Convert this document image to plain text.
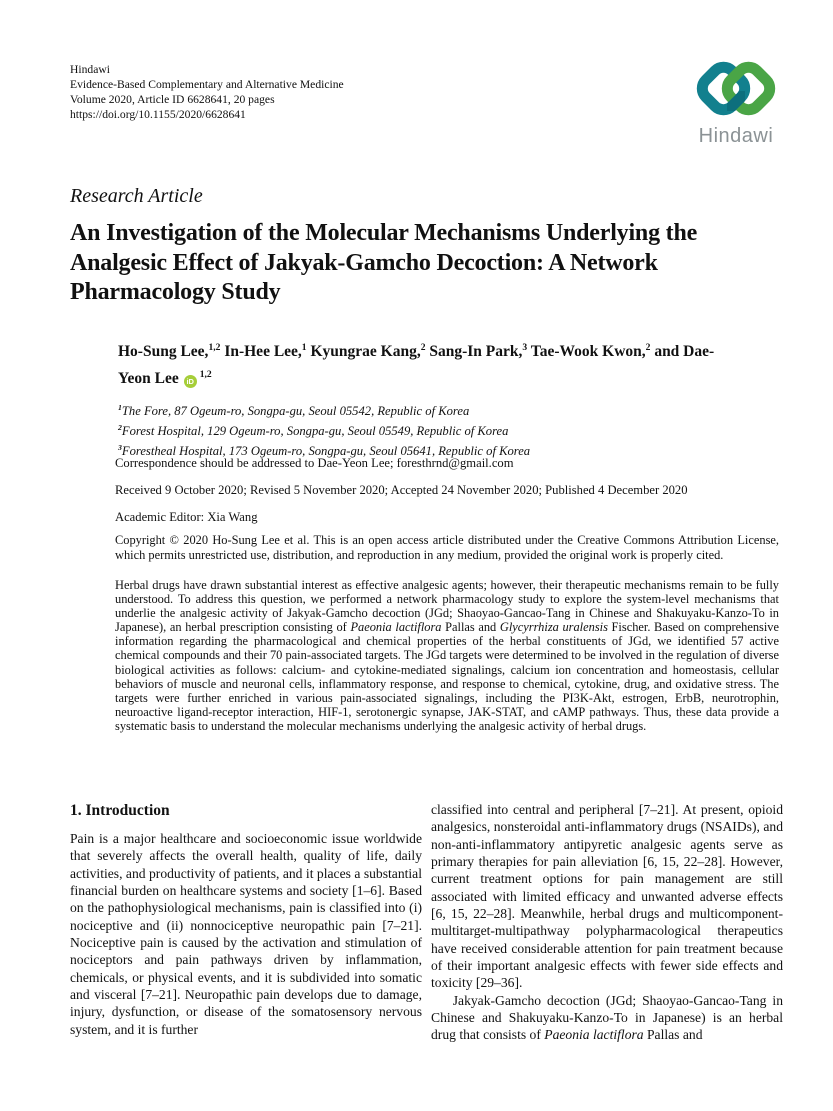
Hindawi
Evidence-Based Complementary and Alternative Medicine
Volume 2020, Article ID 6628641, 20 pages
https://doi.org/10.1155/2020/6628641
Hindawi
Research Article
An Investigation of the Molecular Mechanisms Underlying the Analgesic Effect of Jakyak-Gamcho Decoction: A Network Pharmacology Study
Ho-Sung Lee,$^{1,2}$ In-Hee Lee,$^1$ Kyungrae Kang,$^2$ Sang-In Park,$^3$ Tae-Wook Kwon,$^2$ and Dae-Yeon Lee iD$^{1,2}$
$^1$The Fore, 87 Ogeum-ro, Songpa-gu, Seoul 05542, Republic of Korea
$^2$Forest Hospital, 129 Ogeum-ro, Songpa-gu, Seoul 05549, Republic of Korea
$^3$Forestheal Hospital, 173 Ogeum-ro, Songpa-gu, Seoul 05641, Republic of Korea
Correspondence should be addressed to Dae-Yeon Lee; foresthrnd@gmail.com
Received 9 October 2020; Revised 5 November 2020; Accepted 24 November 2020; Published 4 December 2020
Academic Editor: Xia Wang
Copyright © 2020 Ho-Sung Lee et al. This is an open access article distributed under the Creative Commons Attribution License, which permits unrestricted use, distribution, and reproduction in any medium, provided the original work is properly cited.
Herbal drugs have drawn substantial interest as effective analgesic agents; however, their therapeutic mechanisms remain to be fully understood. To address this question, we performed a network pharmacology study to explore the system-level mechanisms that underlie the analgesic activity of Jakyak-Gamcho decoction (JGd; Shaoyao-Gancao-Tang in Chinese and Shakuyaku-Kanzo-To in Japanese), an herbal prescription consisting of Paeonia lactiflora Pallas and Glycyrrhiza uralensis Fischer. Based on comprehensive information regarding the pharmacological and chemical properties of the herbal constituents of JGd, we identified 57 active chemical compounds and their 70 pain-associated targets. The JGd targets were determined to be involved in the regulation of diverse biological activities as follows: calcium- and cytokine-mediated signalings, calcium ion concentration and homeostasis, cellular behaviors of muscle and neuronal cells, inflammatory response, and response to chemical, cytokine, drug, and oxidative stress. The targets were further enriched in various pain-associated signalings, including the PI3K-Akt, estrogen, ErbB, neurotrophin, neuroactive ligand-receptor interaction, HIF-1, serotonergic synapse, JAK-STAT, and cAMP pathways. Thus, these data provide a systematic basis to understand the molecular mechanisms underlying the analgesic activity of herbal drugs.
1. Introduction

Pain is a major healthcare and socioeconomic issue worldwide that severely affects the overall health, quality of life, daily activities, and productivity of patients, and it places a substantial financial burden on healthcare systems and society [1–6]. Based on the pathophysiological mechanisms, pain is classified into (i) nociceptive and (ii) nonnociceptive neuropathic pain [7–21]. Nociceptive pain is caused by the activation and stimulation of nociceptors and pain pathways driven by inflammation, chemicals, or physical events, and it is subdivided into somatic and visceral [7–21]. Neuropathic pain develops due to damage, injury, dysfunction, or disease of the somatosensory nervous system, and it is further

classified into central and peripheral [7–21]. At present, opioid analgesics, nonsteroidal anti-inflammatory drugs (NSAIDs), and non-anti-inflammatory antipyretic analgesic agents serve as primary therapies for pain alleviation [6, 15, 22–28]. However, current treatment options for pain management are still associated with limited efficacy and unwanted adverse effects [6, 15, 22–28]. Meanwhile, herbal drugs and multicomponent-multitarget-multipathway polypharmacological therapeutics have received considerable attention for pain treatment because of their important analgesic effects with fewer side effects and toxicity [29–36].

Jakyak-Gamcho decoction (JGd; Shaoyao-Gancao-Tang in Chinese and Shakuyaku-Kanzo-To in Japanese) is an herbal drug that consists of Paeonia lactiflora Pallas and
